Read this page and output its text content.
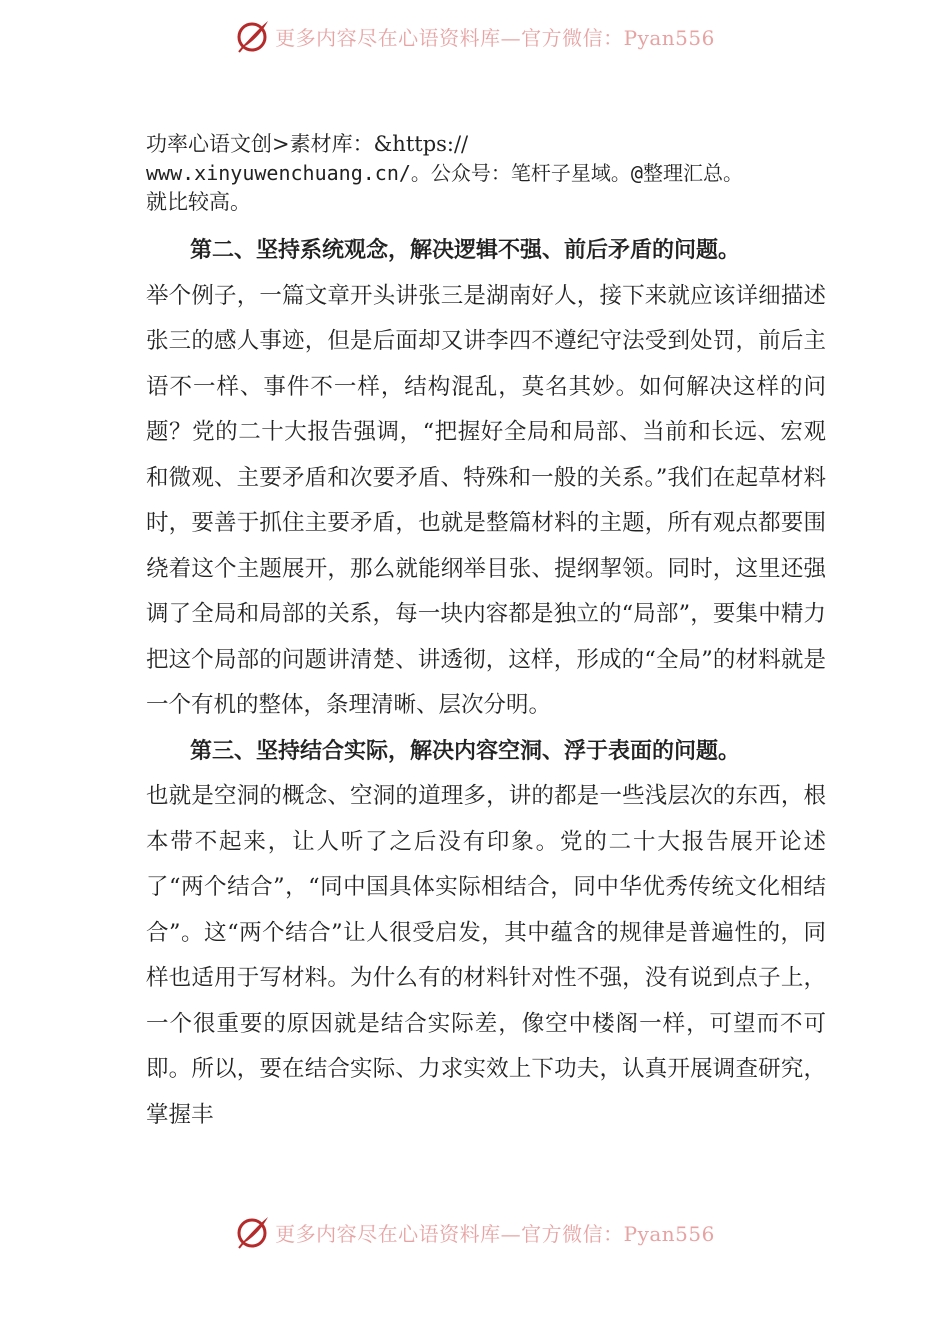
更多内容尽在心语资料库—官方微信：Pyan556

功率心语文创>素材库：&https://

www.xinyuwenchuang.cn/。公众号：笔杆子星域。@整理汇总。

就比较高。

第二、坚持系统观念，解决逻辑不强、前后矛盾的问题。

举个例子，一篇文章开头讲张三是湖南好人，接下来就应该详细描述张三的感人事迹，但是后面却又讲李四不遵纪守法受到处罚，前后主语不一样、事件不一样，结构混乱，莫名其妙。如何解决这样的问题？党的二十大报告强调，“把握好全局和局部、当前和长远、宏观和微观、主要矛盾和次要矛盾、特殊和一般的关系。”我们在起草材料时，要善于抓住主要矛盾，也就是整篇材料的主题，所有观点都要围绕着这个主题展开，那么就能纲举目张、提纲挈领。同时，这里还强调了全局和局部的关系，每一块内容都是独立的“局部”，要集中精力把这个局部的问题讲清楚、讲透彻，这样，形成的“全局”的材料就是一个有机的整体，条理清晰、层次分明。

第三、坚持结合实际，解决内容空洞、浮于表面的问题。

也就是空洞的概念、空洞的道理多，讲的都是一些浅层次的东西，根本带不起来，让人听了之后没有印象。党的二十大报告展开论述了“两个结合”，“同中国具体实际相结合，同中华优秀传统文化相结合”。这“两个结合”让人很受启发，其中蕴含的规律是普遍性的，同样也适用于写材料。为什么有的材料针对性不强，没有说到点子上，一个很重要的原因就是结合实际差，像空中楼阁一样，可望而不可即。所以，要在结合实际、力求实效上下功夫，认真开展调查研究，掌握丰

更多内容尽在心语资料库—官方微信：Pyan556
